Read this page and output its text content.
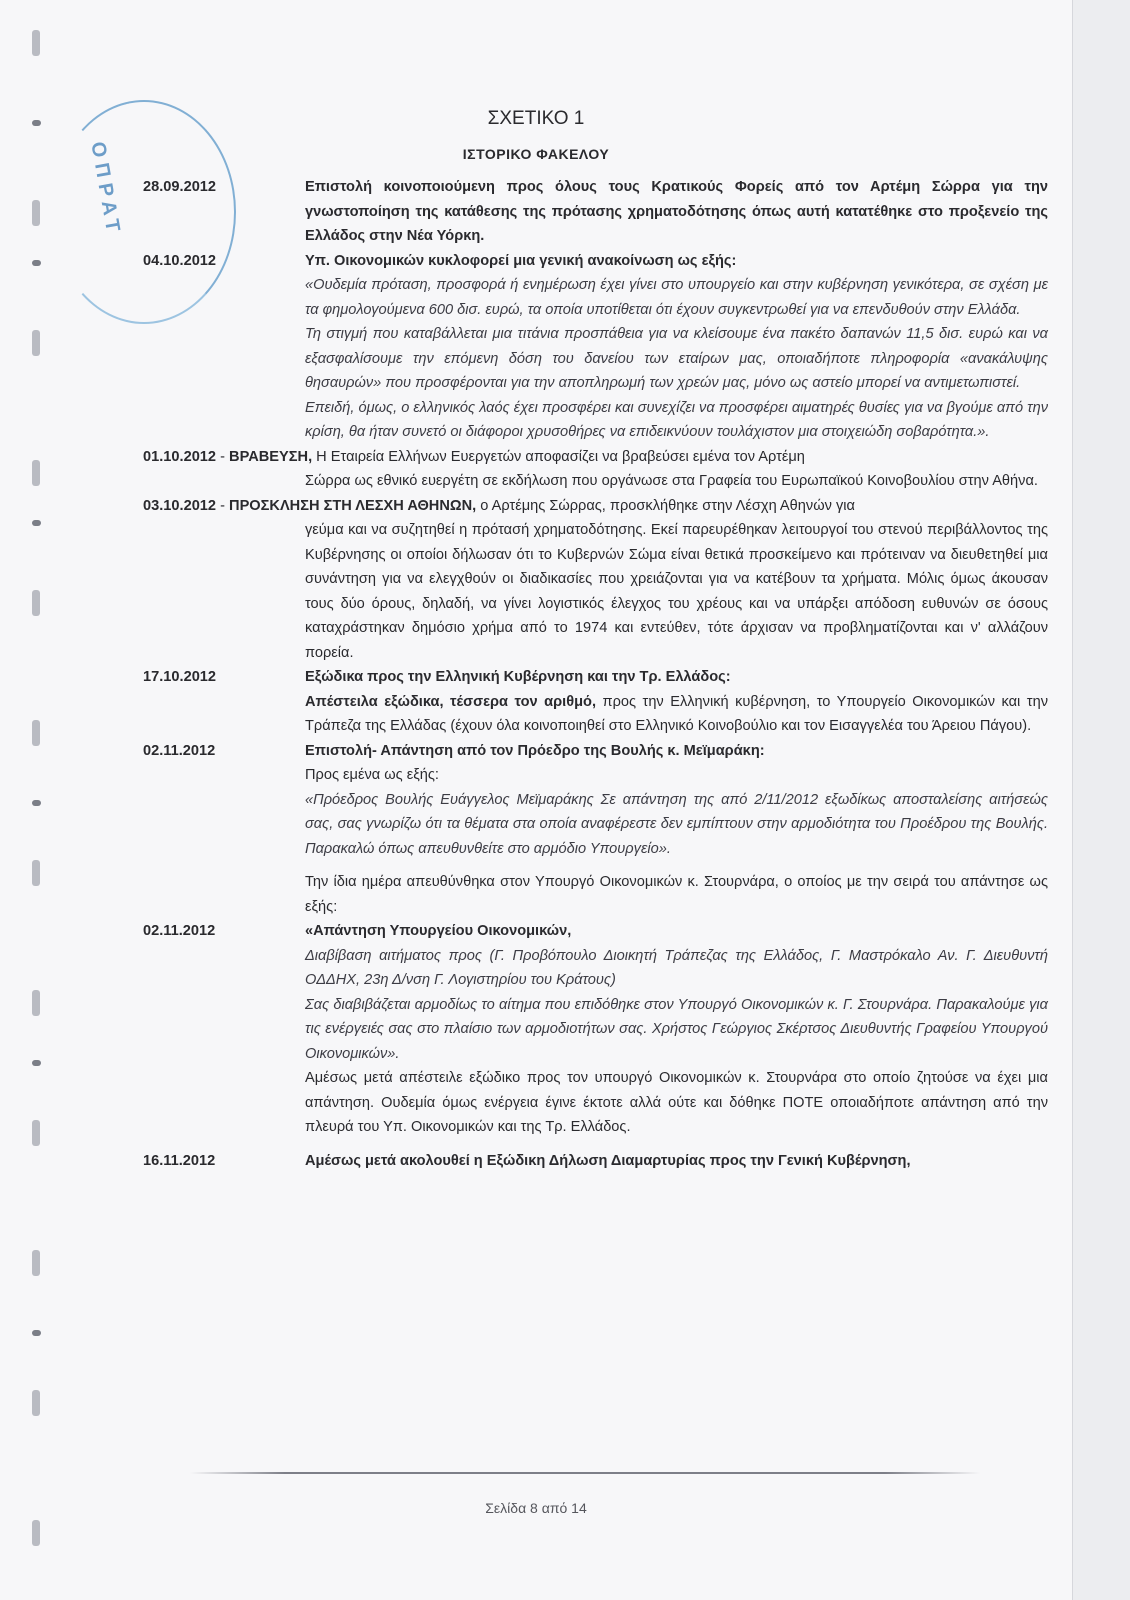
ΟΠΡΑΤ
ΣΧΕΤΙΚΟ 1
ΙΣΤΟΡΙΚΟ ΦΑΚΕΛΟΥ
28.09.2012	Επιστολή κοινοποιούμενη προς όλους τους Κρατικούς Φορείς από τον Αρτέμη Σώρρα για την γνωστοποίηση της κατάθεσης της πρότασης χρηματοδότησης όπως αυτή κατατέθηκε στο προξενείο της Ελλάδος στην Νέα Υόρκη.
04.10.2012	Υπ. Οικονομικών κυκλοφορεί μια γενική ανακοίνωση ως εξής:

«Ουδεμία πρόταση, προσφορά ή ενημέρωση έχει γίνει στο υπουργείο και στην κυβέρνηση γενικότερα, σε σχέση με τα φημολογούμενα 600 δισ. ευρώ, τα οποία υποτίθεται ότι έχουν συγκεντρωθεί για να επενδυθούν στην Ελλάδα.

Τη στιγμή που καταβάλλεται μια τιτάνια προσπάθεια για να κλείσουμε ένα πακέτο δαπανών 11,5 δισ. ευρώ και να εξασφαλίσουμε την επόμενη δόση του δανείου των εταίρων μας, οποιαδήποτε πληροφορία «ανακάλυψης θησαυρών» που προσφέρονται για την αποπληρωμή των χρεών μας, μόνο ως αστείο μπορεί να αντιμετωπιστεί.

Επειδή, όμως, ο ελληνικός λαός έχει προσφέρει και συνεχίζει να προσφέρει αιματηρές θυσίες για να βγούμε από την κρίση, θα ήταν συνετό οι διάφοροι χρυσοθήρες να επιδεικνύουν τουλάχιστον μια στοιχειώδη σοβαρότητα.».

01.10.2012 - ΒΡΑΒΕΥΣΗ, Η Εταιρεία Ελλήνων Ευεργετών αποφασίζει να βραβεύσει εμένα τον Αρτέμη

Σώρρα ως εθνικό ευεργέτη σε εκδήλωση που οργάνωσε στα Γραφεία του Ευρωπαϊκού Κοινοβουλίου στην Αθήνα.

03.10.2012 - ΠΡΟΣΚΛΗΣΗ ΣΤΗ ΛΕΣΧΗ ΑΘΗΝΩΝ, ο Αρτέμης Σώρρας, προσκλήθηκε στην Λέσχη Αθηνών για

γεύμα και να συζητηθεί η πρότασή χρηματοδότησης. Εκεί παρευρέθηκαν λειτουργοί του στενού περιβάλλοντος της Κυβέρνησης οι οποίοι δήλωσαν ότι το Κυβερνών Σώμα είναι θετικά προσκείμενο και πρότειναν να διευθετηθεί μια συνάντηση για να ελεγχθούν οι διαδικασίες που χρειάζονται για να κατέβουν τα χρήματα. Μόλις όμως άκουσαν τους δύο όρους, δηλαδή, να γίνει λογιστικός έλεγχος του χρέους και να υπάρξει απόδοση ευθυνών σε όσους καταχράστηκαν δημόσιο χρήμα από το 1974 και εντεύθεν, τότε άρχισαν να προβληματίζονται και ν' αλλάζουν πορεία.

17.10.2012	Εξώδικα προς την Ελληνική Κυβέρνηση και την Τρ. Ελλάδος:

Απέστειλα εξώδικα, τέσσερα τον αριθμό, προς την Ελληνική κυβέρνηση, το Υπουργείο Οικονομικών και την Τράπεζα της Ελλάδας (έχουν όλα κοινοποιηθεί στο Ελληνικό Κοινοβούλιο και τον Εισαγγελέα του Άρειου Πάγου).

02.11.2012	Επιστολή- Απάντηση από τον Πρόεδρο της Βουλής κ. Μεϊμαράκη:

Προς εμένα ως εξής:

«Πρόεδρος Βουλής Ευάγγελος Μεϊμαράκης Σε απάντηση της από 2/11/2012 εξωδίκως αποσταλείσης αιτήσεώς σας, σας γνωρίζω ότι τα θέματα στα οποία αναφέρεστε δεν εμπίπτουν στην αρμοδιότητα του Προέδρου της Βουλής. Παρακαλώ όπως απευθυνθείτε στο αρμόδιο Υπουργείο».

Την ίδια ημέρα απευθύνθηκα στον Υπουργό Οικονομικών κ. Στουρνάρα, ο οποίος με την σειρά του απάντησε ως εξής:

02.11.2012	«Απάντηση Υπουργείου Οικονομικών,

Διαβίβαση αιτήματος προς (Γ. Προβόπουλο Διοικητή Τράπεζας της Ελλάδος, Γ. Μαστρόκαλο Αν. Γ. Διευθυντή ΟΔΔΗΧ, 23η Δ/νση Γ. Λογιστηρίου του Κράτους)

Σας διαβιβάζεται αρμοδίως το αίτημα που επιδόθηκε στον Υπουργό Οικονομικών κ. Γ. Στουρνάρα. Παρακαλούμε για τις ενέργειές σας στο πλαίσιο των αρμοδιοτήτων σας. Χρήστος Γεώργιος Σκέρτσος Διευθυντής Γραφείου Υπουργού Οικονομικών».

Αμέσως μετά απέστειλε εξώδικο προς τον υπουργό Οικονομικών κ. Στουρνάρα στο οποίο ζητούσε να έχει μια απάντηση. Ουδεμία όμως ενέργεια έγινε έκτοτε αλλά ούτε και δόθηκε ΠΟΤΕ οποιαδήποτε απάντηση από την πλευρά του Υπ. Οικονομικών και της Τρ. Ελλάδος.

16.11.2012	Αμέσως μετά ακολουθεί η Εξώδικη Δήλωση Διαμαρτυρίας προς την Γενική Κυβέρνηση,
Σελίδα 8 από 14
